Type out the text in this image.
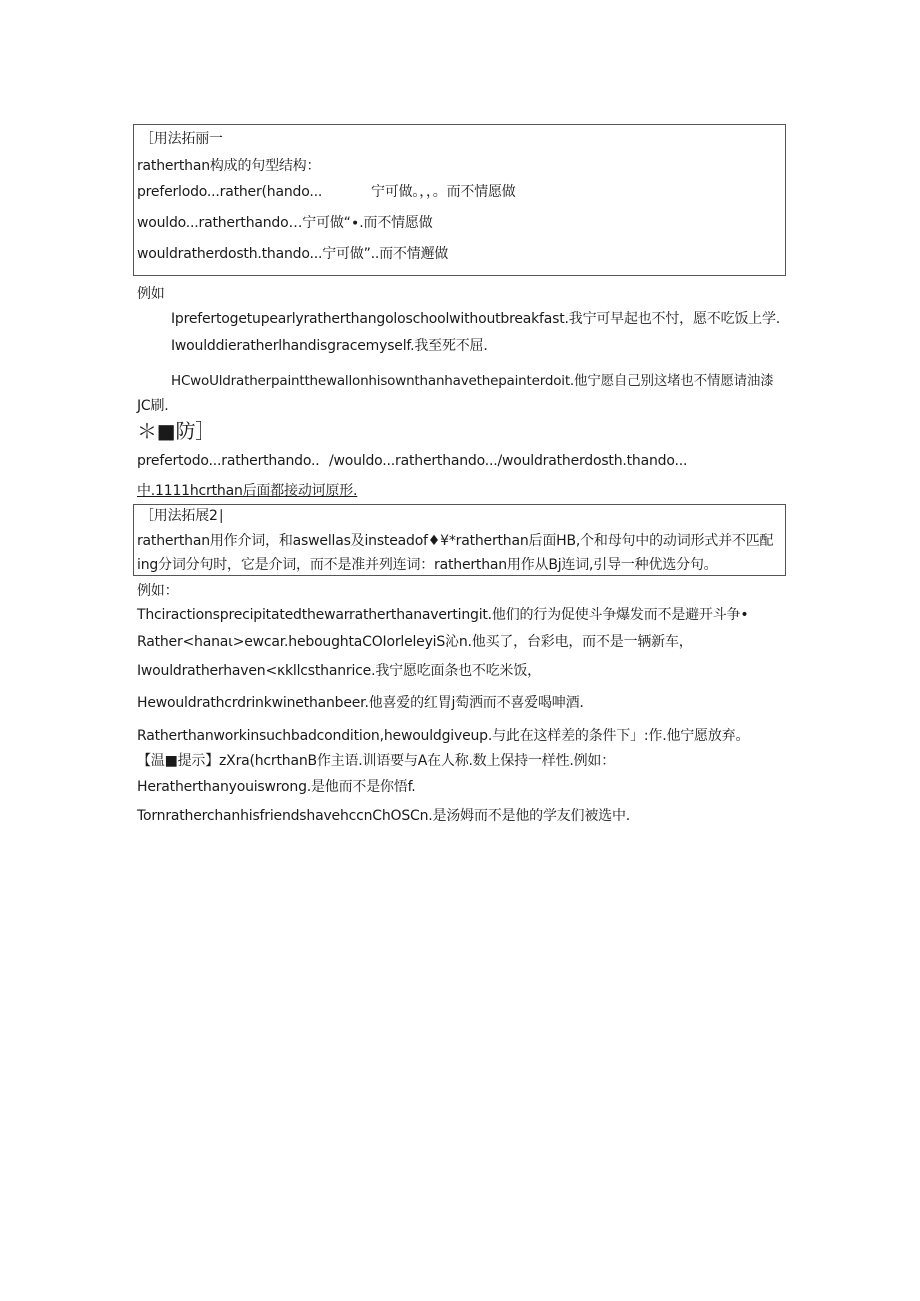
［用法拓丽一
ratherthan构成的句型结构：
preferlodo...rather(hando...	宁可做。，，。而不情愿做
wouldo...ratherthando…宁可做“∙.而不情愿做
wouldratherdosth.thando...宁可做”..而不情邂做
例如
Iprefertogetupearlyratherthangoloschoolwithoutbreakfast.我宁可早起也不忖，愿不吃饭上学.
Iwoulddieratherlhandisgracemyself.我至死不屈.
HCwoUldratherpaintthewallonhisownthanhavethepainterdoit.他宁愿自己别这堵也不情愿请油漆
JC刷.
＊■防］
prefertodo...ratherthando.．/wouldo...ratherthando.../wouldratherdosth.thando...
中.1111hcrthan后面都接动诃原形.
［用法拓展2∣
ratherthan用作介词，和aswellas及insteadof♦¥*ratherthan后面HB,个和母句中的动词形式并不匹配
ing分词分句时，它是介词，而不是准并列连词：ratherthan用作从Bj连词,引导一种优选分句。
例如：
Thciractionsprecipitatedthewarratherthanavertingit.他们的行为促使斗争爆发而不是避开斗争•
Rather<hanaι>ewcar.heboughtaCOIorleleyiS沁n.他买了，台彩电，而不是一辆新车，
Iwouldratherhaven<κkllcsthanrice.我宁愿吃面条也不吃米饭，
Hewouldrathcrdrinkwinethanbeer.他喜爱的红胃j萄洒而不喜爱喝呻酒.
Ratherthanworkinsuchbadcondition,hewouldgiveup.与此在这样差的条件下」:作.他宁愿放弃。
【温■提示】zXra(hcrthanB作主语.训语要与A在人称.数上保持一样性.例如：
Heratherthanyouiswrong.是他而不是你悟f.
TornratherchanhisfriendshavehccnChOSCn.是汤姆而不是他的学友们被选中.
